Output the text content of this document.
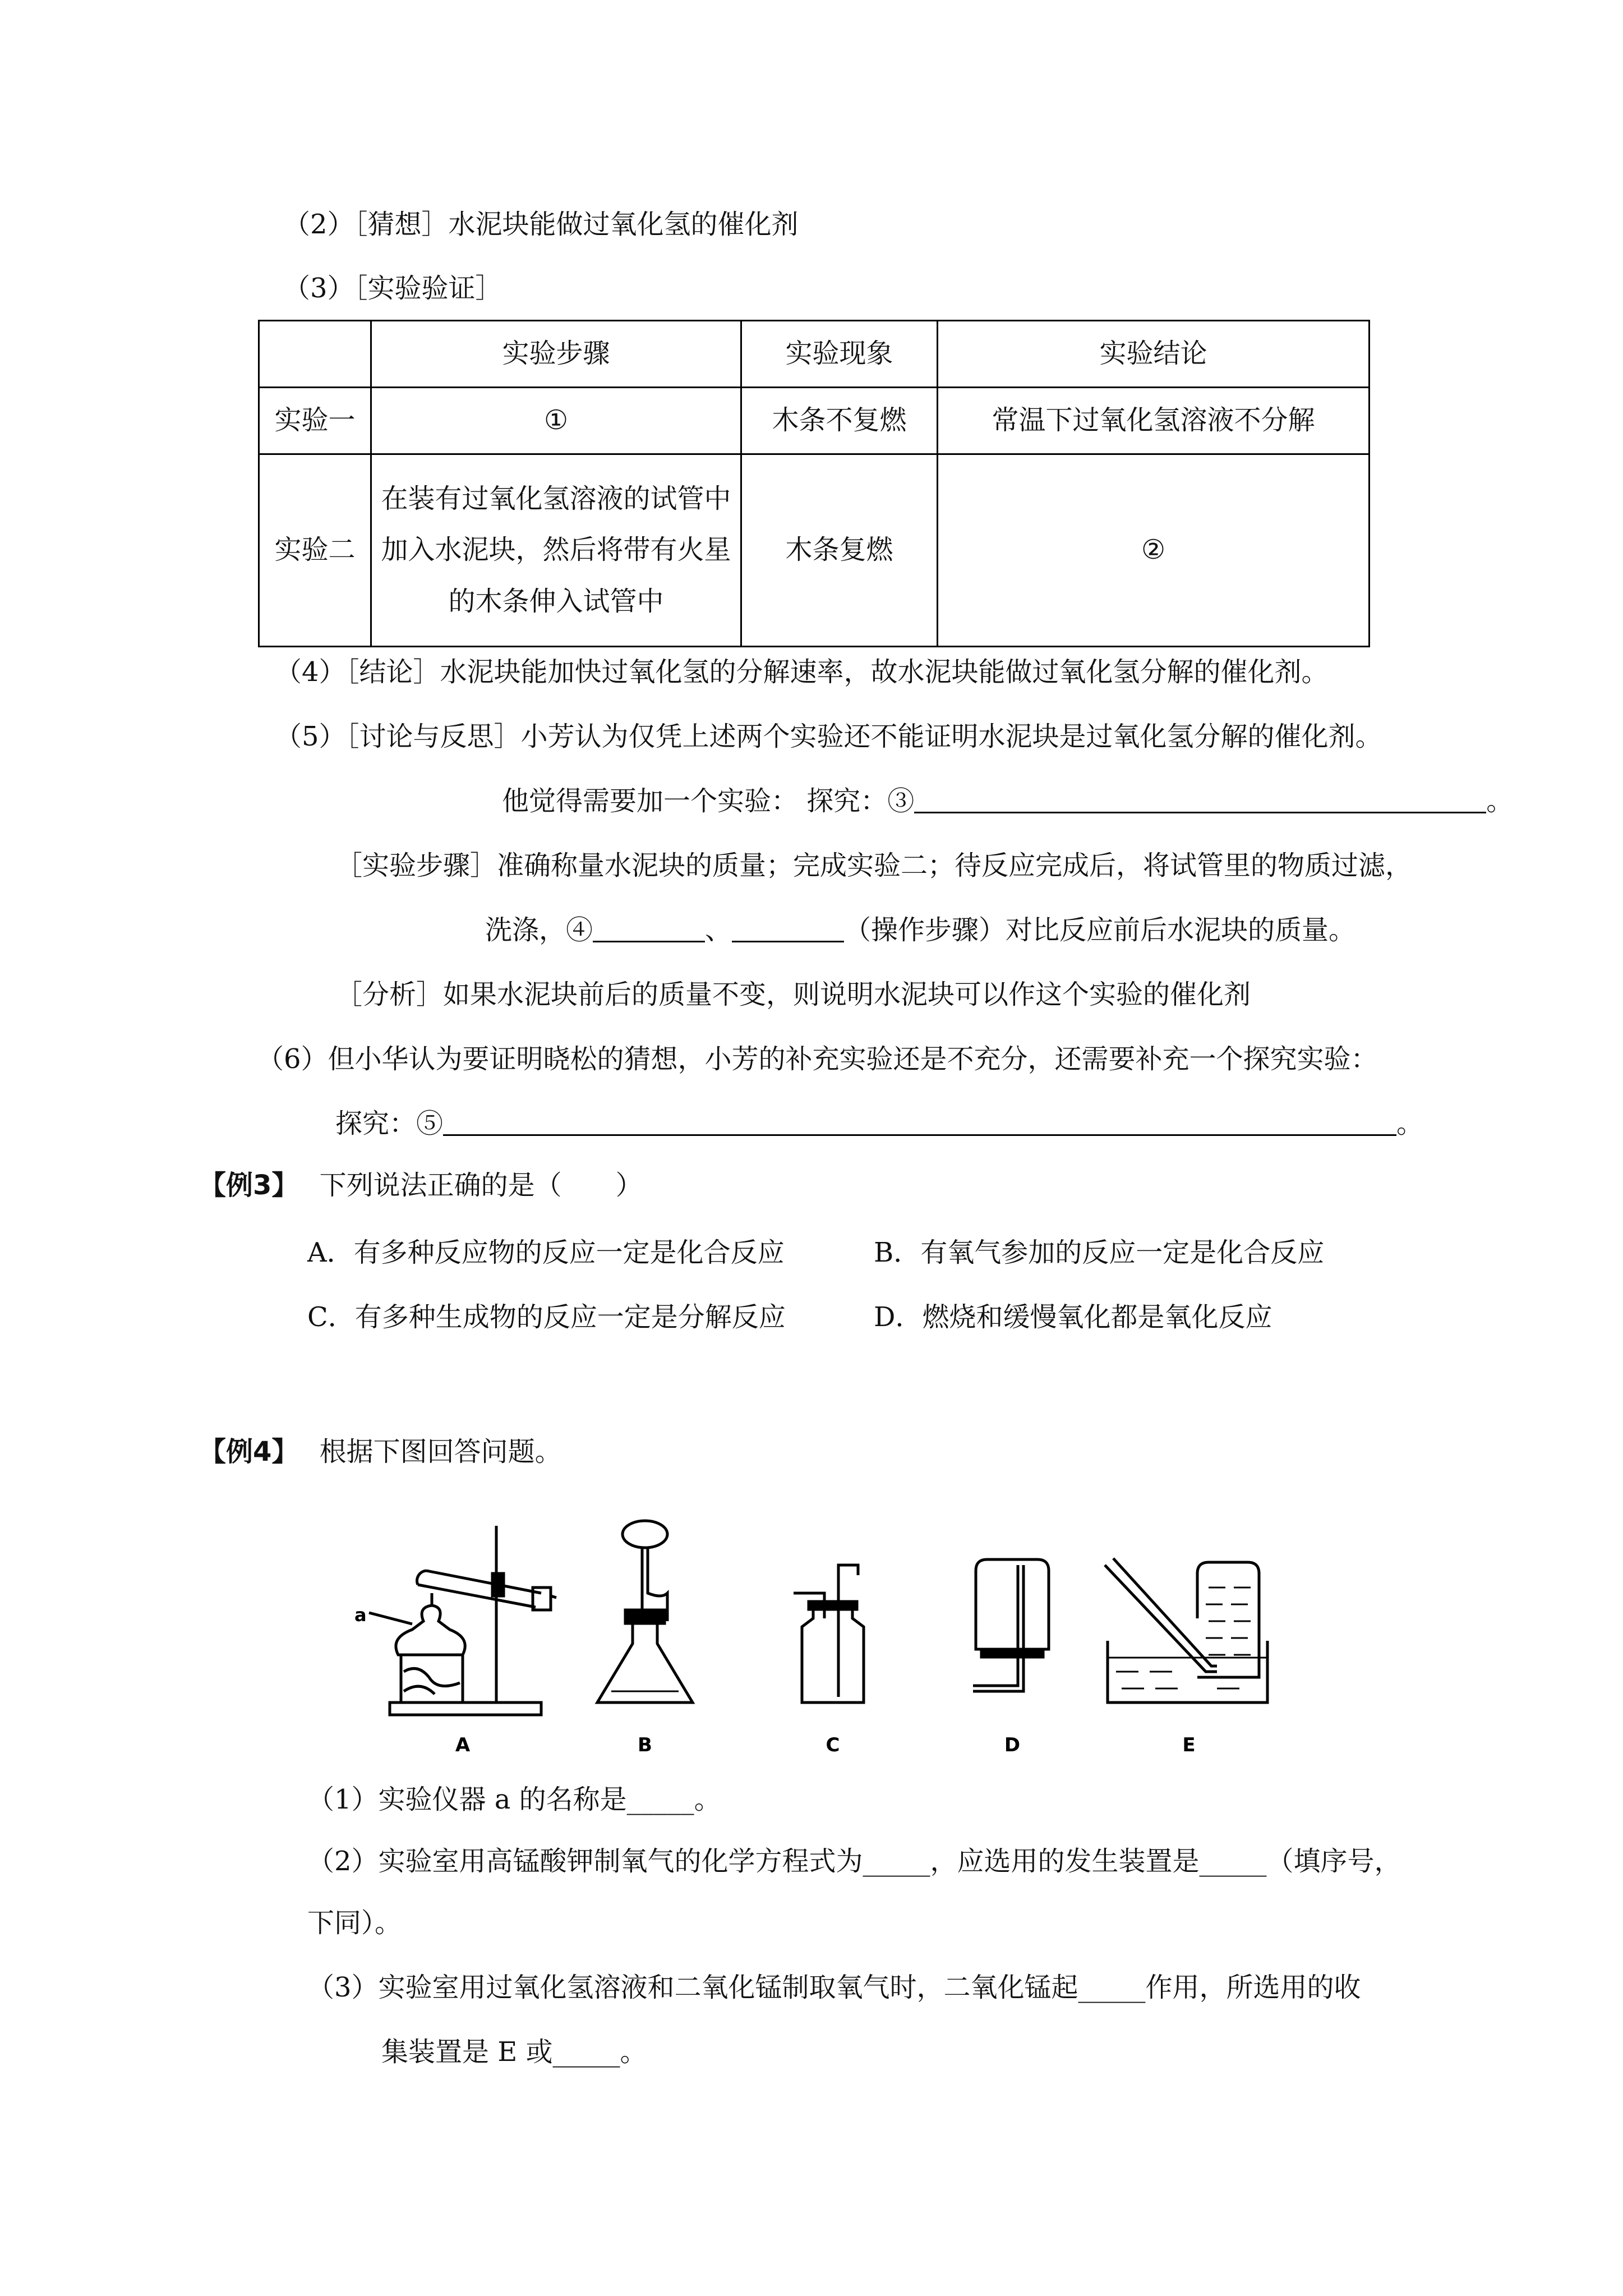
（2）［猜想］水泥块能做过氧化氢的催化剂
（3）［实验验证］
	实验步骤	实验现象	实验结论
实验一	①	木条不复燃	常温下过氧化氢溶液不分解
实验二	在装有过氧化氢溶液的试管中加入水泥块，然后将带有火星的木条伸入试管中	木条复燃	②
（4）［结论］水泥块能加快过氧化氢的分解速率，故水泥块能做过氧化氢分解的催化剂。
（5）［讨论与反思］小芳认为仅凭上述两个实验还不能证明水泥块是过氧化氢分解的催化剂。
他觉得需要加一个实验： 探究：③	。
［实验步骤］准确称量水泥块的质量；完成实验二；待反应完成后，将试管里的物质过滤，
洗涤，④	、	（操作步骤）对比反应前后水泥块的质量。
［分析］如果水泥块前后的质量不变，则说明水泥块可以作这个实验的催化剂
（6）但小华认为要证明晓松的猜想，小芳的补充实验还是不充分，还需要补充一个探究实验：
探究：⑤	。
【例3】 下列说法正确的是（　　）
A．有多种反应物的反应一定是化合反应	B．有氧气参加的反应一定是化合反应
C．有多种生成物的反应一定是分解反应	D．燃烧和缓慢氧化都是氧化反应
【例4】 根据下图回答问题。
a
A	B	C	D	E
（1）实验仪器 a 的名称是_____。
（2）实验室用高锰酸钾制氧气的化学方程式为_____，应选用的发生装置是_____（填序号，
下同）。
（3）实验室用过氧化氢溶液和二氧化锰制取氧气时，二氧化锰起_____作用，所选用的收
集装置是 E 或_____。
